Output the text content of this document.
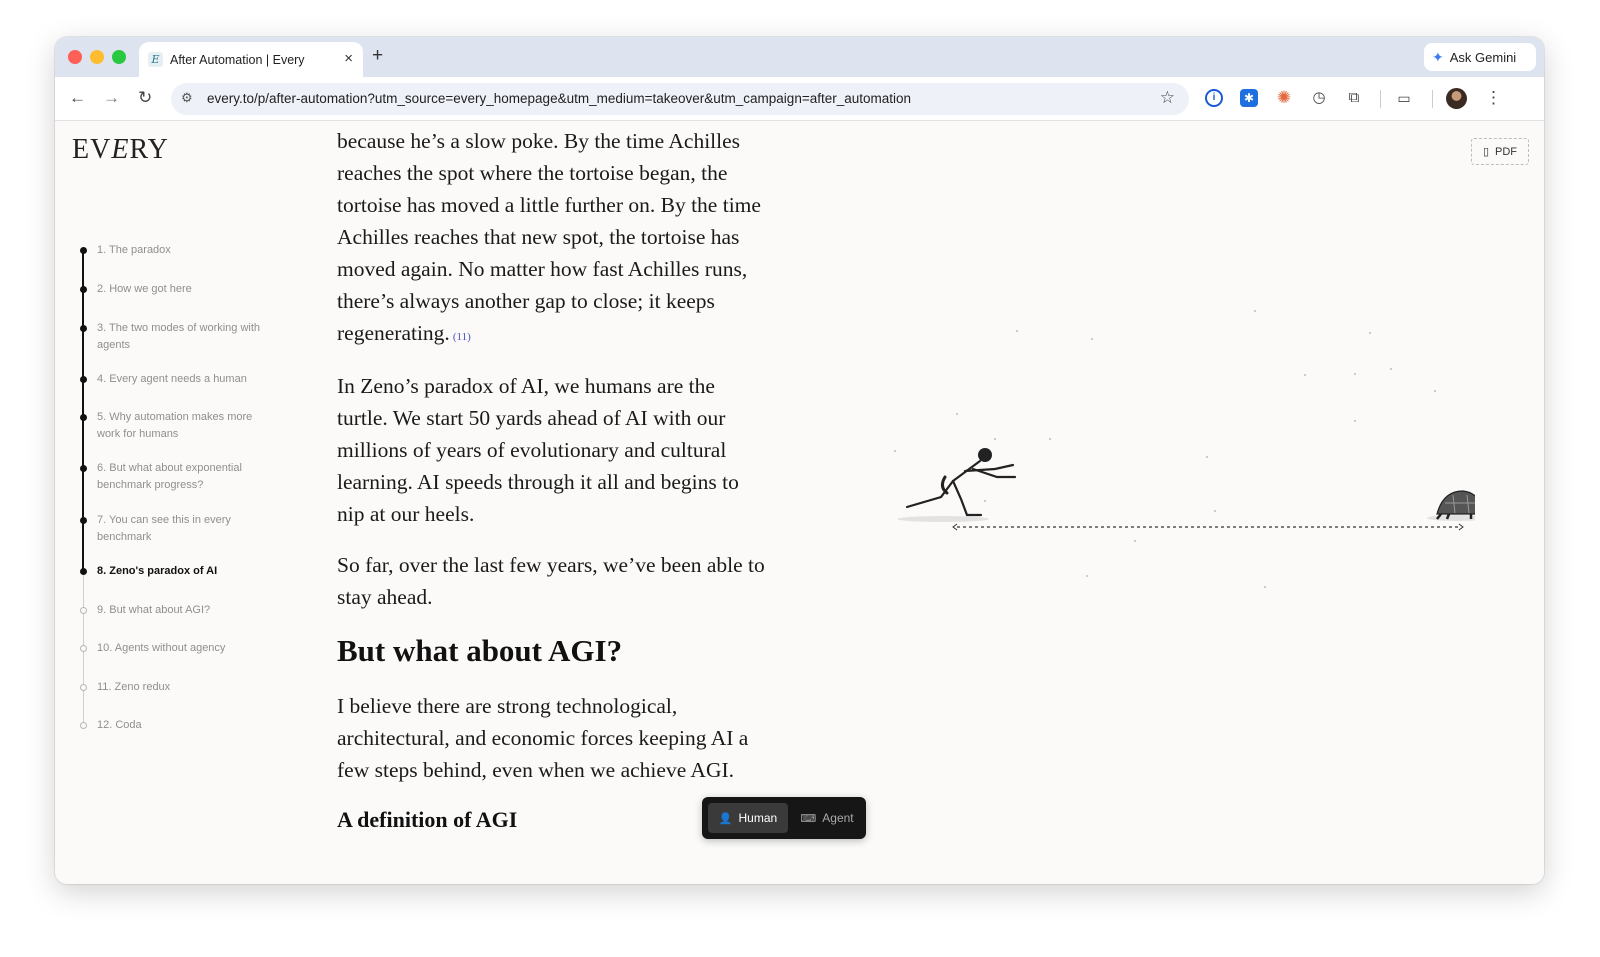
E After Automation | Every	× +	✦ Ask Gemini
← → ↻ ⚙ every.to/p/after-automation?utm_source=every_homepage&utm_medium=takeover&utm_campaign=after_automation	☆	i	✱ ✺ ◷ ⧉	▭	⋮
EVERY
1. The paradox
2. How we got here
3. The two modes of working with agents
4. Every agent needs a human
5. Why automation makes more work for humans
6. But what about exponential benchmark progress?
7. You can see this in every benchmark
8. Zeno's paradox of AI
9. But what about AGI?
10. Agents without agency
11. Zeno redux
12. Coda

because he’s a slow poke. By the time Achilles reaches the spot where the tortoise began, the tortoise has moved a little further on. By the time Achilles reaches that new spot, the tortoise has moved again. No matter how fast Achilles runs, there’s always another gap to close; it keeps regenerating. (11)

In Zeno’s paradox of AI, we humans are the turtle. We start 50 yards ahead of AI with our millions of years of evolutionary and cultural learning. AI speeds through it all and begins to nip at our heels.

So far, over the last few years, we’ve been able to stay ahead.

But what about AGI?

I believe there are strong technological, architectural, and economic forces keeping AI a few steps behind, even when we achieve AGI.

A definition of AGI
▯ PDF
👤 Human ⌨ Agent
